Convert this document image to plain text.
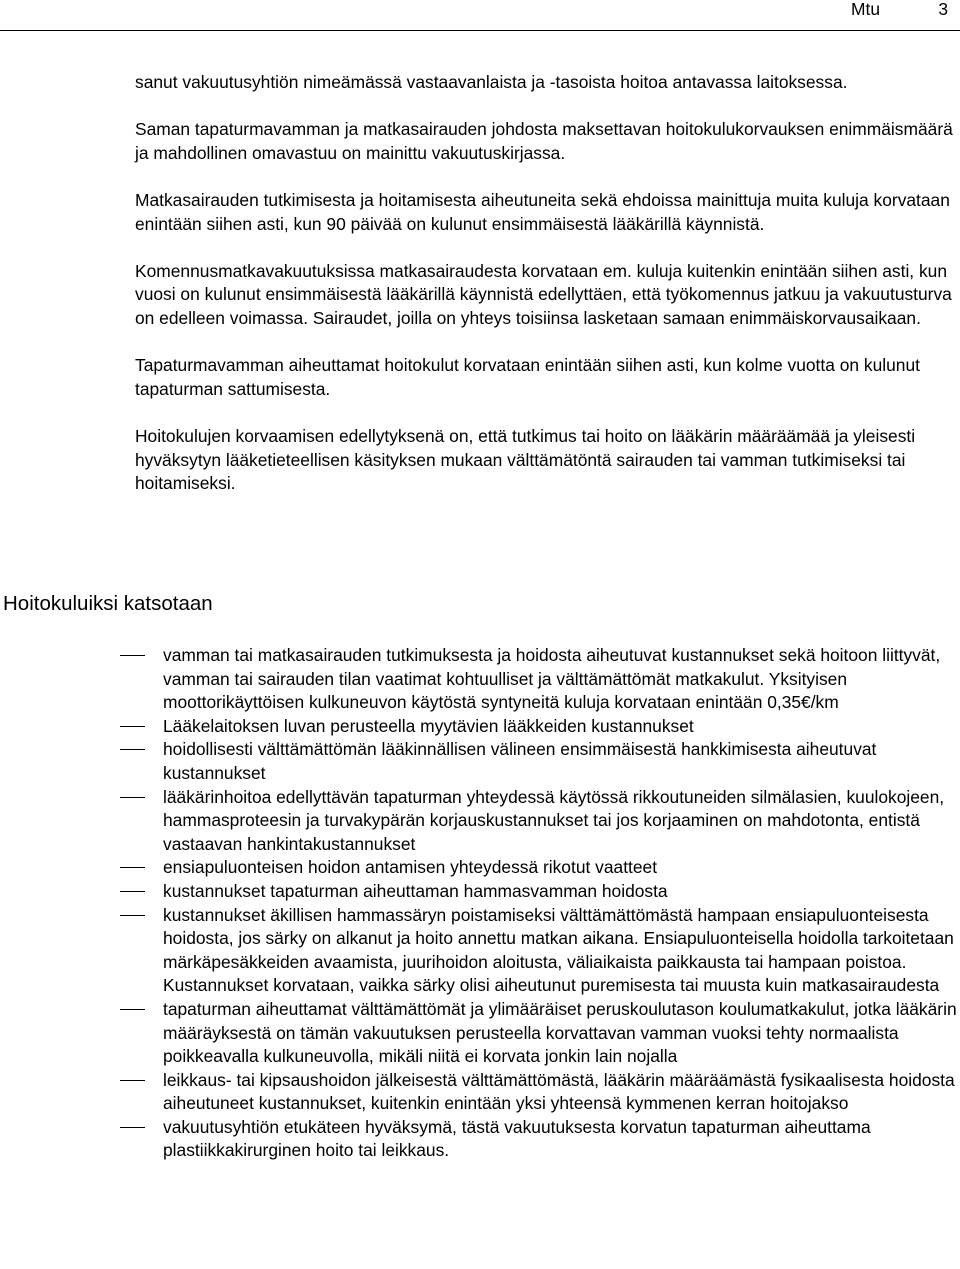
Mtu	3

sanut vakuutusyhtiön nimeämässä vastaavanlaista ja -tasoista hoitoa antavassa laitoksessa.

Saman tapaturmavamman ja matkasairauden johdosta maksettavan hoitokulukorvauksen enimmäismäärä ja mahdollinen omavastuu on mainittu vakuutuskirjassa.

Matkasairauden tutkimisesta ja hoitamisesta aiheutuneita sekä ehdoissa mainittuja muita kuluja korvataan enintään siihen asti, kun 90 päivää on kulunut ensimmäisestä lääkärillä käynnistä.

Komennusmatkavakuutuksissa matkasairaudesta korvataan em. kuluja kuitenkin enintään siihen asti, kun vuosi on kulunut ensimmäisestä lääkärillä käynnistä edellyttäen, että työkomennus jatkuu ja vakuutusturva on edelleen voimassa. Sairaudet, joilla on yhteys toisiinsa lasketaan samaan enimmäiskorvausaikaan.

Tapaturmavamman aiheuttamat hoitokulut korvataan enintään siihen asti, kun kolme vuotta on kulunut tapaturman sattumisesta.

Hoitokulujen korvaamisen edellytyksenä on, että tutkimus tai hoito on lääkärin määräämää ja yleisesti hyväksytyn lääketieteellisen käsityksen mukaan välttämätöntä sairauden tai vamman tutkimiseksi tai hoitamiseksi.

Hoitokuluiksi katsotaan
vamman tai matkasairauden tutkimuksesta ja hoidosta aiheutuvat kustannukset sekä hoitoon liittyvät, vamman tai sairauden tilan vaatimat kohtuulliset ja välttämättömät matkakulut. Yksityisen moottorikäyttöisen kulkuneuvon käytöstä syntyneitä kuluja korvataan enintään 0,35€/km
Lääkelaitoksen luvan perusteella myytävien lääkkeiden kustannukset
hoidollisesti välttämättömän lääkinnällisen välineen ensimmäisestä hankkimisesta aiheutuvat kustannukset
lääkärinhoitoa edellyttävän tapaturman yhteydessä käytössä rikkoutuneiden silmälasien, kuulokojeen, hammasproteesin ja turvakypärän korjauskustannukset tai jos korjaaminen on mahdotonta, entistä vastaavan hankintakustannukset
ensiapuluonteisen hoidon antamisen yhteydessä rikotut vaatteet
kustannukset tapaturman aiheuttaman hammasvamman hoidosta
kustannukset äkillisen hammassäryn poistamiseksi välttämättömästä hampaan ensiapuluonteisesta hoidosta, jos särky on alkanut ja hoito annettu matkan aikana. Ensiapuluonteisella hoidolla tarkoitetaan märkäpesäkkeiden avaamista, juurihoidon aloitusta, väliaikaista paikkausta tai hampaan poistoa. Kustannukset korvataan, vaikka särky olisi aiheutunut puremisesta tai muusta kuin matkasairaudesta
tapaturman aiheuttamat välttämättömät ja ylimääräiset peruskoulutason koulumatkakulut, jotka lääkärin määräyksestä on tämän vakuutuksen perusteella korvattavan vamman vuoksi tehty normaalista poikkeavalla kulkuneuvolla, mikäli niitä ei korvata jonkin lain nojalla
leikkaus- tai kipsaushoidon jälkeisestä välttämättömästä, lääkärin määräämästä fysikaalisesta hoidosta aiheutuneet kustannukset, kuitenkin enintään yksi yhteensä kymmenen kerran hoitojakso
vakuutusyhtiön etukäteen hyväksymä, tästä vakuutuksesta korvatun tapaturman aiheuttama plastiikkakirurginen hoito tai leikkaus.
